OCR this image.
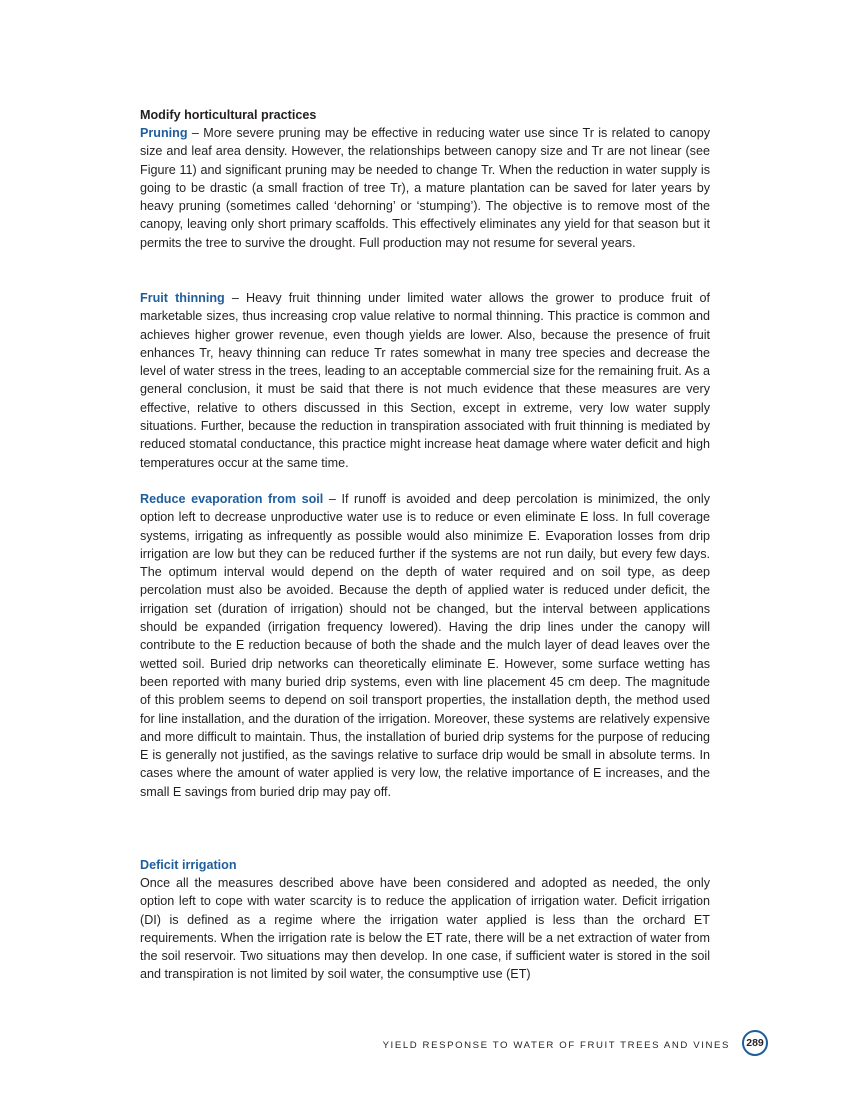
Modify horticultural practices

Pruning – More severe pruning may be effective in reducing water use since Tr is related to canopy size and leaf area density. However, the relationships between canopy size and Tr are not linear (see Figure 11) and significant pruning may be needed to change Tr. When the reduction in water supply is going to be drastic (a small fraction of tree Tr), a mature plantation can be saved for later years by heavy pruning (sometimes called ‘dehorning’ or ‘stumping’). The objective is to remove most of the canopy, leaving only short primary scaffolds. This effectively eliminates any yield for that season but it permits the tree to survive the drought. Full production may not resume for several years.

Fruit thinning – Heavy fruit thinning under limited water allows the grower to produce fruit of marketable sizes, thus increasing crop value relative to normal thinning. This practice is common and achieves higher grower revenue, even though yields are lower. Also, because the presence of fruit enhances Tr, heavy thinning can reduce Tr rates somewhat in many tree species and decrease the level of water stress in the trees, leading to an acceptable commercial size for the remaining fruit. As a general conclusion, it must be said that there is not much evidence that these measures are very effective, relative to others discussed in this Section, except in extreme, very low water supply situations. Further, because the reduction in transpiration associated with fruit thinning is mediated by reduced stomatal conductance, this practice might increase heat damage where water deficit and high temperatures occur at the same time.

Reduce evaporation from soil – If runoff is avoided and deep percolation is minimized, the only option left to decrease unproductive water use is to reduce or even eliminate E loss. In full coverage systems, irrigating as infrequently as possible would also minimize E. Evaporation losses from drip irrigation are low but they can be reduced further if the systems are not run daily, but every few days. The optimum interval would depend on the depth of water required and on soil type, as deep percolation must also be avoided. Because the depth of applied water is reduced under deficit, the irrigation set (duration of irrigation) should not be changed, but the interval between applications should be expanded (irrigation frequency lowered). Having the drip lines under the canopy will contribute to the E reduction because of both the shade and the mulch layer of dead leaves over the wetted soil. Buried drip networks can theoretically eliminate E. However, some surface wetting has been reported with many buried drip systems, even with line placement 45 cm deep. The magnitude of this problem seems to depend on soil transport properties, the installation depth, the method used for line installation, and the duration of the irrigation. Moreover, these systems are relatively expensive and more difficult to maintain. Thus, the installation of buried drip systems for the purpose of reducing E is generally not justified, as the savings relative to surface drip would be small in absolute terms. In cases where the amount of water applied is very low, the relative importance of E increases, and the small E savings from buried drip may pay off.

Deficit irrigation

Once all the measures described above have been considered and adopted as needed, the only option left to cope with water scarcity is to reduce the application of irrigation water. Deficit irrigation (DI) is defined as a regime where the irrigation water applied is less than the orchard ET requirements. When the irrigation rate is below the ET rate, there will be a net extraction of water from the soil reservoir. Two situations may then develop. In one case, if sufficient water is stored in the soil and transpiration is not limited by soil water, the consumptive use (ET)

YIELD RESPONSE TO WATER OF FRUIT TREES AND VINES	289
